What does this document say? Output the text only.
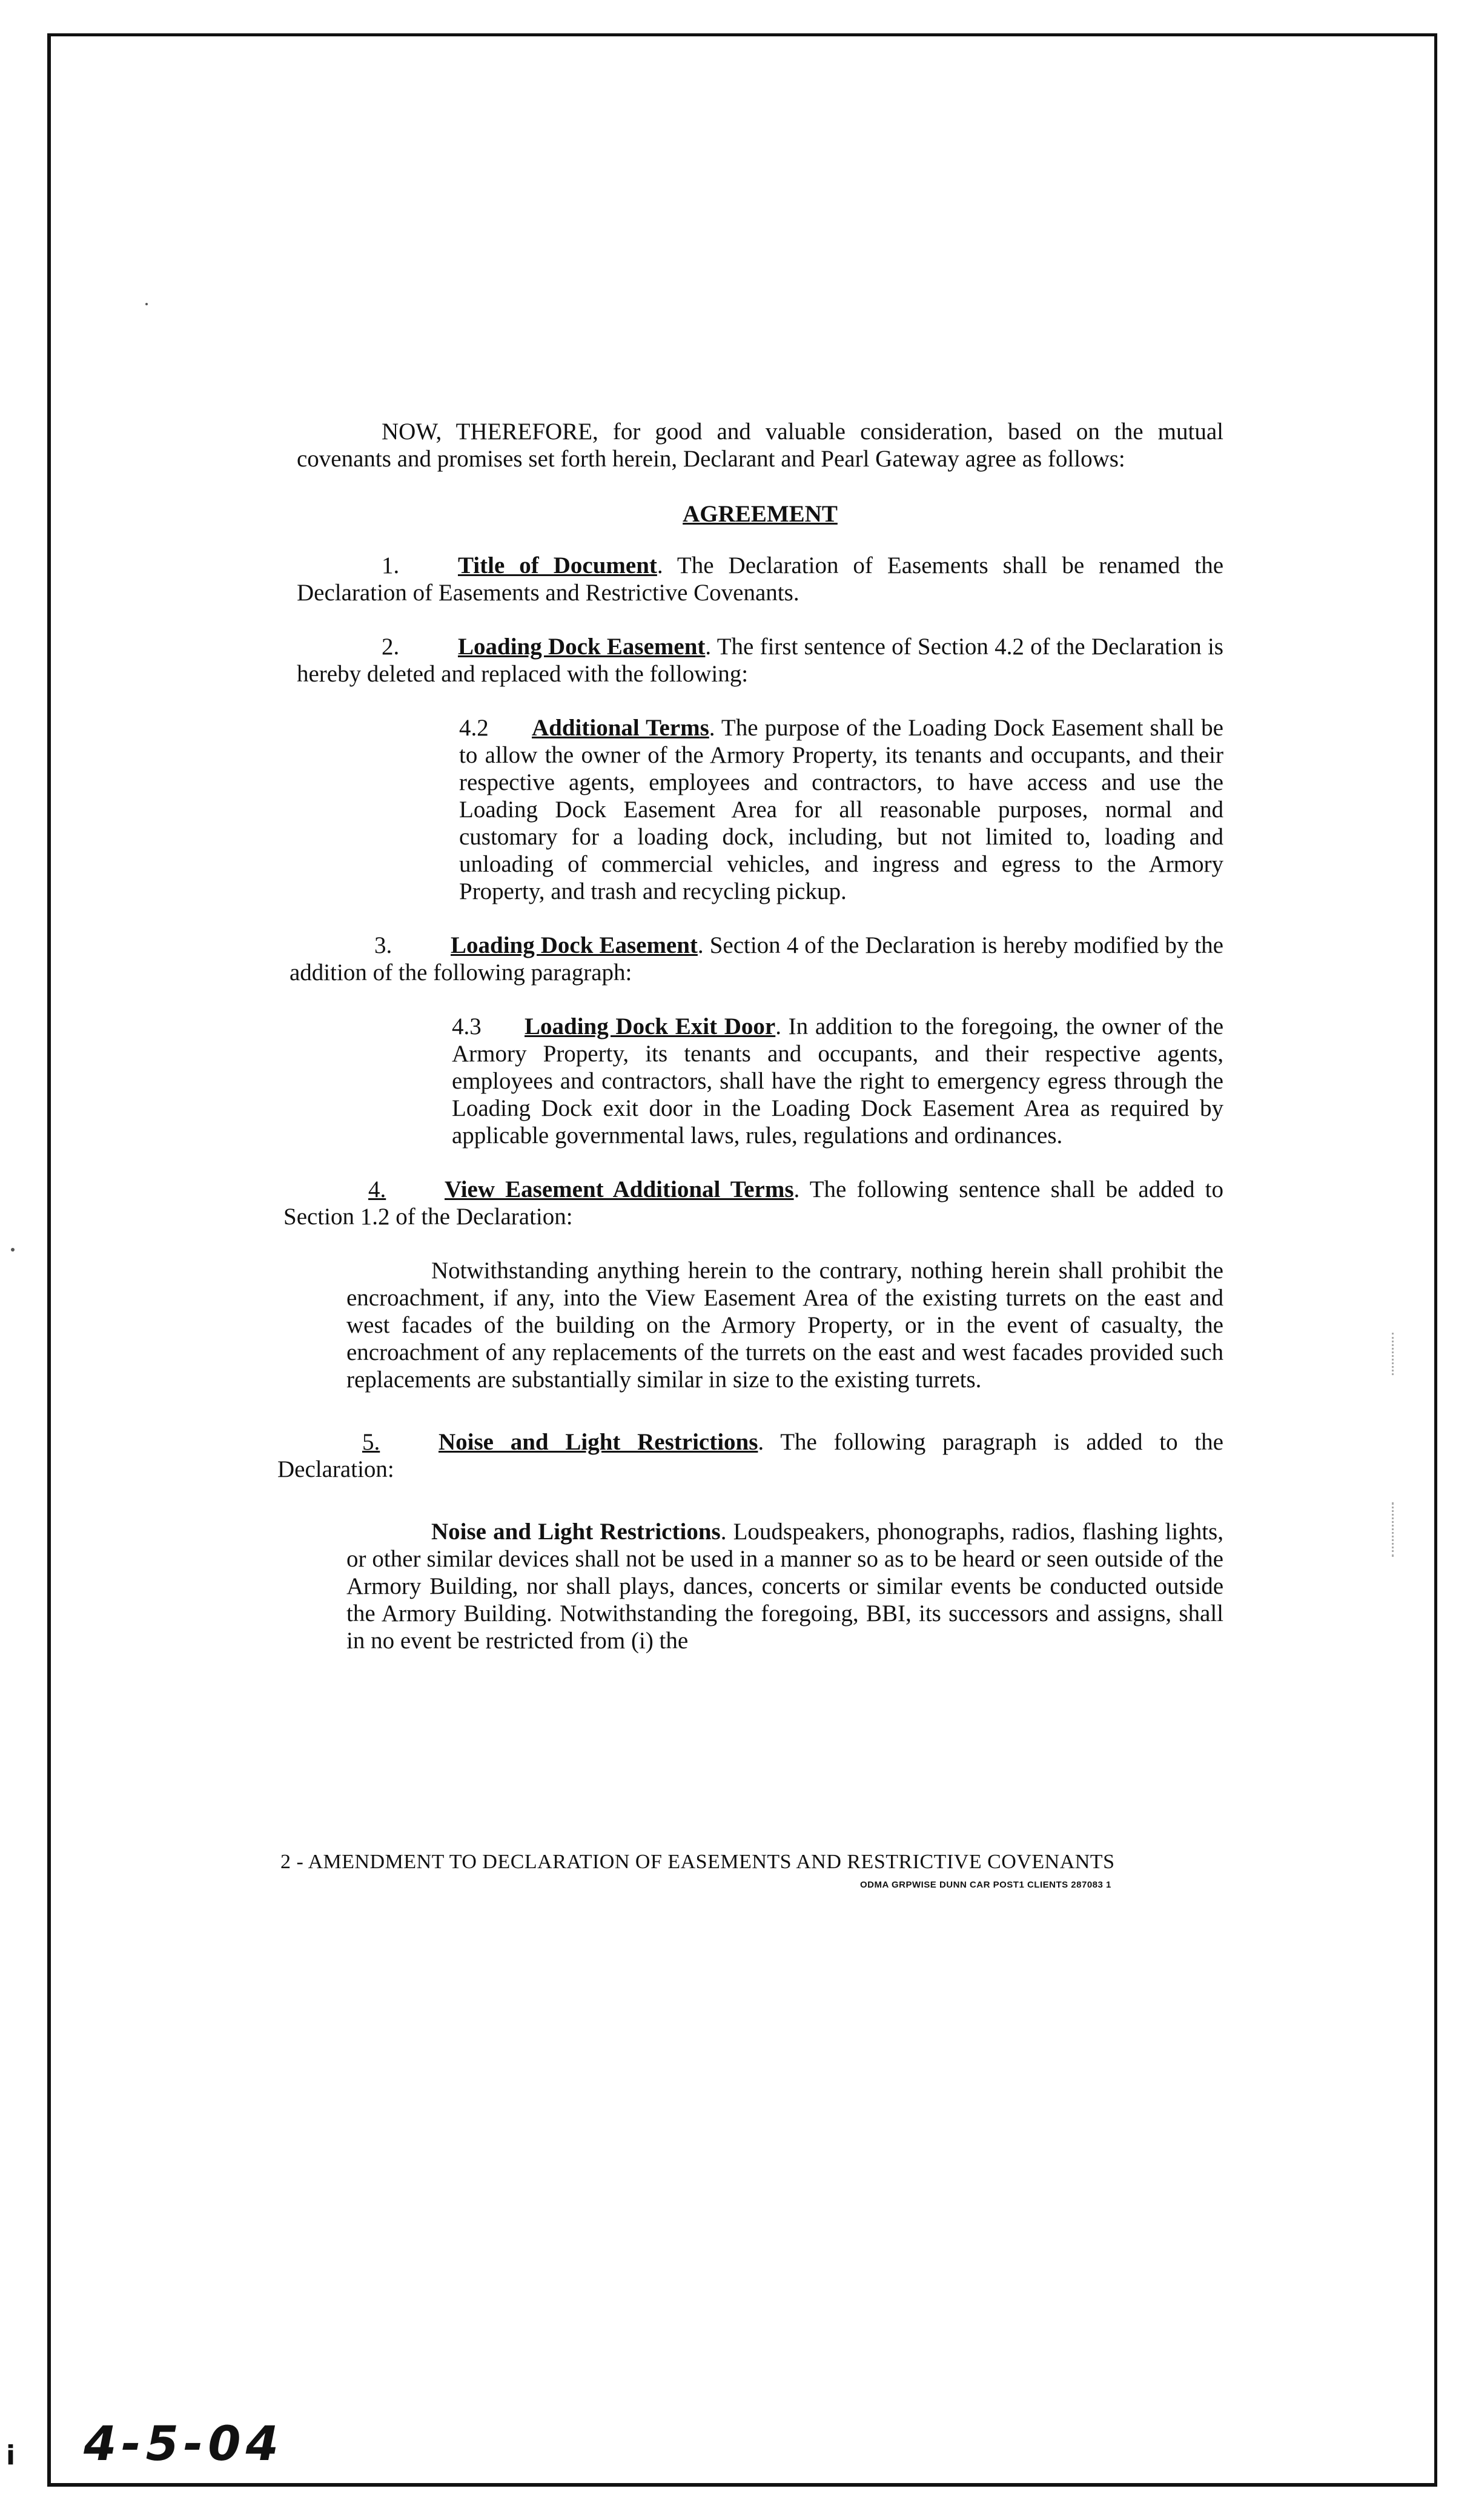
NOW, THEREFORE, for good and valuable consideration, based on the mutual covenants and promises set forth herein, Declarant and Pearl Gateway agree as follows:

AGREEMENT

1. Title of Document. The Declaration of Easements shall be renamed the Declaration of Easements and Restrictive Covenants.

2. Loading Dock Easement. The first sentence of Section 4.2 of the Declaration is hereby deleted and replaced with the following:

4.2 Additional Terms. The purpose of the Loading Dock Easement shall be to allow the owner of the Armory Property, its tenants and occupants, and their respective agents, employees and contractors, to have access and use the Loading Dock Easement Area for all reasonable purposes, normal and customary for a loading dock, including, but not limited to, loading and unloading of commercial vehicles, and ingress and egress to the Armory Property, and trash and recycling pickup.

3. Loading Dock Easement. Section 4 of the Declaration is hereby modified by the addition of the following paragraph:

4.3 Loading Dock Exit Door. In addition to the foregoing, the owner of the Armory Property, its tenants and occupants, and their respective agents, employees and contractors, shall have the right to emergency egress through the Loading Dock exit door in the Loading Dock Easement Area as required by applicable governmental laws, rules, regulations and ordinances.

4. View Easement Additional Terms. The following sentence shall be added to Section 1.2 of the Declaration:

Notwithstanding anything herein to the contrary, nothing herein shall prohibit the encroachment, if any, into the View Easement Area of the existing turrets on the east and west facades of the building on the Armory Property, or in the event of casualty, the encroachment of any replacements of the turrets on the east and west facades provided such replacements are substantially similar in size to the existing turrets.

5. Noise and Light Restrictions. The following paragraph is added to the Declaration:

Noise and Light Restrictions. Loudspeakers, phonographs, radios, flashing lights, or other similar devices shall not be used in a manner so as to be heard or seen outside of the Armory Building, nor shall plays, dances, concerts or similar events be conducted outside the Armory Building. Notwithstanding the foregoing, BBI, its successors and assigns, shall in no event be restricted from (i) the

2 - AMENDMENT TO DECLARATION OF EASEMENTS AND RESTRICTIVE COVENANTS
ODMA GRPWISE DUNN CAR POST1 CLIENTS 287083 1
4-5-04
i
